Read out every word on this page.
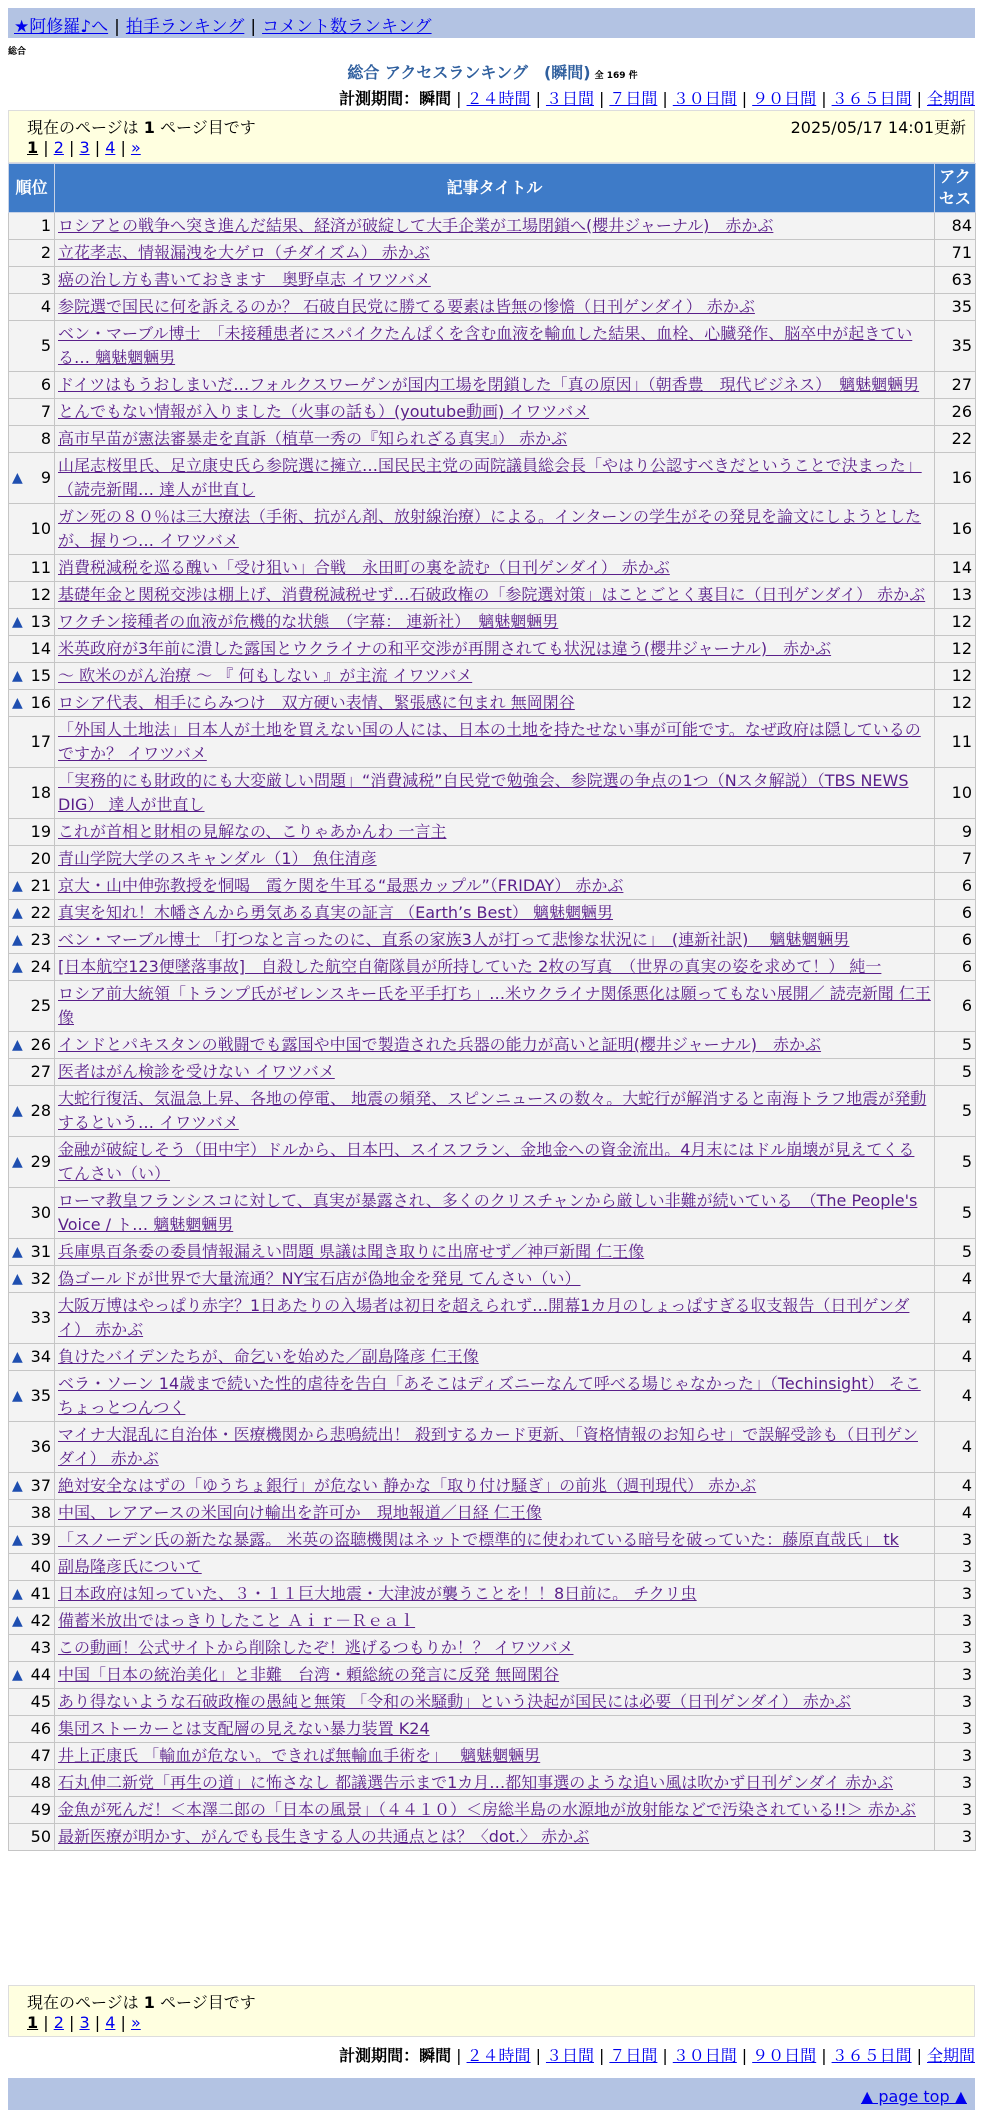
★阿修羅♪へ | 拍手ランキング | コメント数ランキング
総合
総合 アクセスランキング　(瞬間) 全 169 件
計測期間：瞬間 | ２４時間 | ３日間 | ７日間 | ３０日間 | ９０日間 | ３６５日間 | 全期間
現在のページは 1 ページ目です	2025/05/17 14:01更新
1 | 2 | 3 | 4 | »
順位	記事タイトル	アクセス
1	ロシアとの戦争へ突き進んだ結果、経済が破綻して大手企業が工場閉鎖へ(櫻井ジャーナル)　赤かぶ	84
2	立花孝志、情報漏洩を大ゲロ（チダイズム） 赤かぶ	71
3	癌の治し方も書いておきます　奥野卓志 イワツバメ	63
4	参院選で国民に何を訴えるのか？ 石破自民党に勝てる要素は皆無の惨憺（日刊ゲンダイ） 赤かぶ	35
5	ベン・マーブル博士　「未接種患者にスパイクたんぱくを含む血液を輸血した結果、血栓、心臓発作、脳卒中が起きている… 魑魅魍魎男	35
6	ドイツはもうおしまいだ…フォルクスワーゲンが国内工場を閉鎖した「真の原因」（朝香豊　現代ビジネス）　魑魅魍魎男	27
7	とんでもない情報が入りました（火事の話も）(youtube動画) イワツバメ	26
8	高市早苗が憲法審暴走を直訴（植草一秀の『知られざる真実』） 赤かぶ	22

▲ 9	山尾志桜里氏、足立康史氏ら参院選に擁立…国民民主党の両院議員総会長「やはり公認すべきだということで決まった」（読売新聞… 達人が世直し	16
10	ガン死の８０％は三大療法（手術、抗がん剤、放射線治療）による。インターンの学生がその発見を論文にしようとしたが、握りつ… イワツバメ	16
11	消費税減税を巡る醜い「受け狙い」合戦　永田町の裏を読む（日刊ゲンダイ） 赤かぶ	14
12	基礎年金と関税交渉は棚上げ、消費税減税せず…石破政権の「参院選対策」はことごとく裏目に（日刊ゲンダイ） 赤かぶ	13

▲ 13	ワクチン接種者の血液が危機的な状態　（字幕： 連新社）　魑魅魍魎男	12
14	米英政府が3年前に潰した露国とウクライナの和平交渉が再開されても状況は違う(櫻井ジャーナル)　赤かぶ	12

▲ 15	～ 欧米のがん治療 ～ 『 何もしない 』が主流 イワツバメ	12

▲ 16	ロシア代表、相手にらみつけ　双方硬い表情、緊張感に包まれ 無岡閑谷	12
17	「外国人土地法」日本人が土地を買えない国の人には、日本の土地を持たせない事が可能です。なぜ政府は隠しているのですか？ イワツバメ	11
18	「実務的にも財政的にも大変厳しい問題」“消費減税”自民党で勉強会、参院選の争点の1つ（Nスタ解説）（TBS NEWS DIG） 達人が世直し	10
19	これが首相と財相の見解なの、こりゃあかんわ 一言主	9
20	青山学院大学のスキャンダル（1） 魚住清彦	7

▲ 21	京大・山中伸弥教授を恫喝　霞ケ関を牛耳る“最悪カップル”（FRIDAY） 赤かぶ	6

▲ 22	真実を知れ！木幡さんから勇気ある真実の証言 （Earth’s Best） 魑魅魍魎男	6

▲ 23	ベン・マーブル博士 「打つなと言ったのに、直系の家族3人が打って悲惨な状況に」　(連新社訳)　 魑魅魍魎男	6

▲ 24	[日本航空123便墜落事故]　自殺した航空自衛隊員が所持していた 2枚の写真　（世界の真実の姿を求めて！） 純一	6
25	ロシア前大統領「トランプ氏がゼレンスキー氏を平手打ち」…米ウクライナ関係悪化は願ってもない展開／ 読売新聞 仁王像	6

▲ 26	インドとパキスタンの戦闘でも露国や中国で製造された兵器の能力が高いと証明(櫻井ジャーナル)　赤かぶ	5
27	医者はがん検診を受けない イワツバメ	5

▲ 28	大蛇行復活、気温急上昇、各地の停電、 地震の頻発、スピンニュースの数々。大蛇行が解消すると南海トラフ地震が発動するという… イワツバメ	5

▲ 29	金融が破綻しそう（田中宇）ドルから、日本円、スイスフラン、金地金への資金流出。4月末にはドル崩壊が見えてくる てんさい（い）	5
30	ローマ教皇フランシスコに対して、真実が暴露され、多くのクリスチャンから厳しい非難が続いている　（The People's Voice / ト… 魑魅魍魎男	5

▲ 31	兵庫県百条委の委員情報漏えい問題 県議は聞き取りに出席せず／神戸新聞 仁王像	5

▲ 32	偽ゴールドが世界で大量流通？NY宝石店が偽地金を発見 てんさい（い）	4
33	大阪万博はやっぱり赤字？1日あたりの入場者は初日を超えられず…開幕1カ月のしょっぱすぎる収支報告（日刊ゲンダイ） 赤かぶ	4

▲ 34	負けたバイデンたちが、命乞いを始めた／副島隆彦 仁王像	4

▲ 35	ベラ・ソーン 14歳まで続いた性的虐待を告白「あそこはディズニーなんて呼べる場じゃなかった」（Techinsight） そこちょっとつんつく	4
36	マイナ大混乱に自治体・医療機関から悲鳴続出！ 殺到するカード更新、「資格情報のお知らせ」で誤解受診も（日刊ゲンダイ） 赤かぶ	4

▲ 37	絶対安全なはずの「ゆうちょ銀行」が危ない 静かな「取り付け騒ぎ」の前兆（週刊現代） 赤かぶ	4
38	中国、レアアースの米国向け輸出を許可か　現地報道／日経 仁王像	4

▲ 39	「スノーデン氏の新たな暴露。 米英の盗聴機関はネットで標準的に使われている暗号を破っていた：藤原直哉氏」 tk	3
40	副島隆彦氏について	3

▲ 41	日本政府は知っていた、３・１１巨大地震・大津波が襲うことを！！8日前に。 チクリ虫	3

▲ 42	備蓄米放出ではっきりしたこと Ａｉｒ－Ｒｅａｌ	3
43	この動画！公式サイトから削除したぞ！逃げるつもりか！？ イワツバメ	3

▲ 44	中国「日本の統治美化」と非難　台湾・頼総統の発言に反発 無岡閑谷	3
45	あり得ないような石破政権の愚純と無策 「令和の米騒動」という決起が国民には必要（日刊ゲンダイ） 赤かぶ	3
46	集団ストーカーとは支配層の見えない暴力装置 K24	3
47	井上正康氏 「輸血が危ない。できれば無輸血手術を」　 魑魅魍魎男	3
48	石丸伸二新党「再生の道」に怖さなし 都議選告示まで1カ月…都知事選のような追い風は吹かず日刊ゲンダイ 赤かぶ	3
49	金魚が死んだ！＜本澤二郎の「日本の風景」（４４１０）＜房総半島の水源地が放射能などで汚染されている!!＞ 赤かぶ	3
50	最新医療が明かす、がんでも長生きする人の共通点とは？〈dot.〉 赤かぶ	3
現在のページは 1 ページ目です
1 | 2 | 3 | 4 | »
計測期間：瞬間 | ２４時間 | ３日間 | ７日間 | ３０日間 | ９０日間 | ３６５日間 | 全期間
▲ page top ▲
